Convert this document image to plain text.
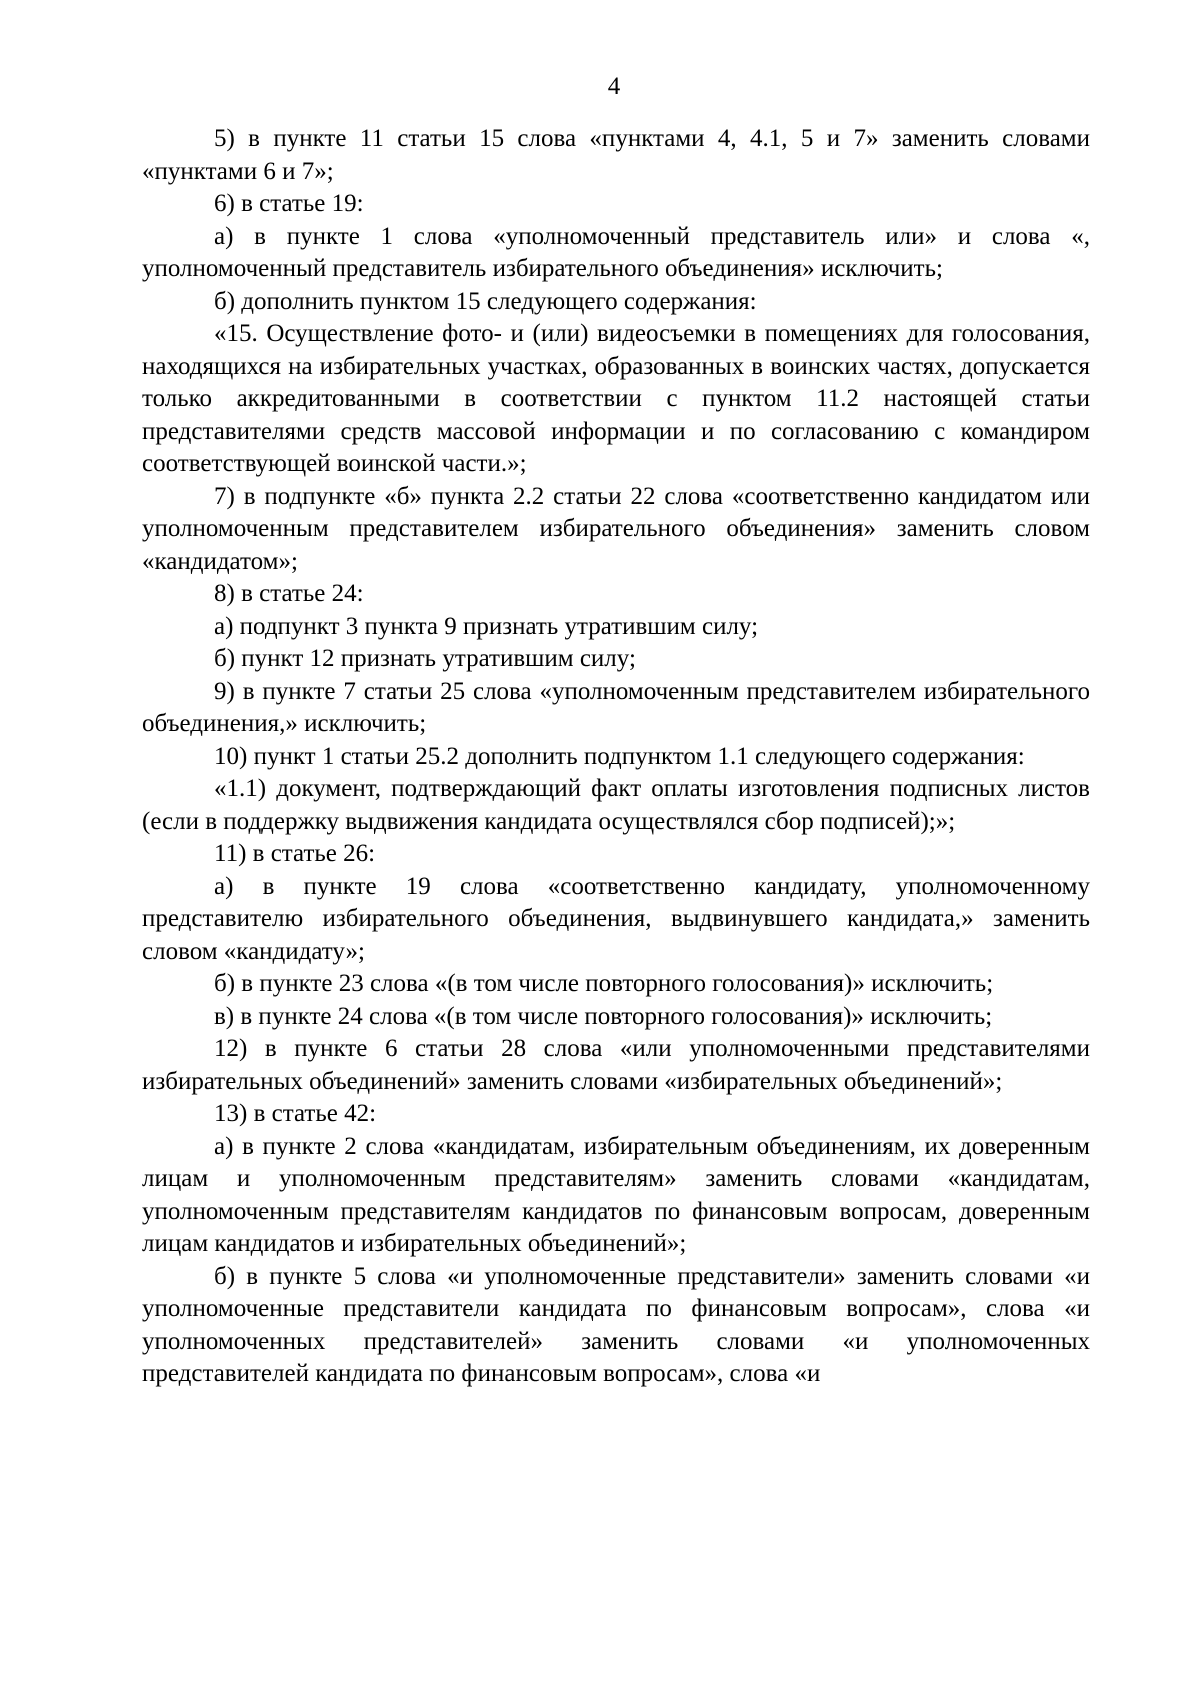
4

5) в пункте 11 статьи 15 слова «пунктами 4, 4.1, 5 и 7» заменить словами «пунктами 6 и 7»;

6) в статье 19:

а) в пункте 1 слова «уполномоченный представитель или» и слова «, уполномоченный представитель избирательного объединения» исключить;

б) дополнить пунктом 15 следующего содержания:

«15. Осуществление фото- и (или) видеосъемки в помещениях для голосования, находящихся на избирательных участках, образованных в воинских частях, допускается только аккредитованными в соответствии с пунктом 11.2 настоящей статьи представителями средств массовой информации и по согласованию с командиром соответствующей воинской части.»;

7) в подпункте «б» пункта 2.2 статьи 22 слова «соответственно кандидатом или уполномоченным представителем избирательного объединения» заменить словом «кандидатом»;

8) в статье 24:

а) подпункт 3 пункта 9 признать утратившим силу;

б) пункт 12 признать утратившим силу;

9) в пункте 7 статьи 25 слова «уполномоченным представителем избирательного объединения,» исключить;

10) пункт 1 статьи 25.2 дополнить подпунктом 1.1 следующего содержания:

«1.1) документ, подтверждающий факт оплаты изготовления подписных листов (если в поддержку выдвижения кандидата осуществлялся сбор подписей);»;

11) в статье 26:

а) в пункте 19 слова «соответственно кандидату, уполномоченному представителю избирательного объединения, выдвинувшего кандидата,» заменить словом «кандидату»;

б) в пункте 23 слова «(в том числе повторного голосования)» исключить;

в) в пункте 24 слова «(в том числе повторного голосования)» исключить;

12) в пункте 6 статьи 28 слова «или уполномоченными представителями избирательных объединений» заменить словами «избирательных объединений»;

13) в статье 42:

а) в пункте 2 слова «кандидатам, избирательным объединениям, их доверенным лицам и уполномоченным представителям» заменить словами «кандидатам, уполномоченным представителям кандидатов по финансовым вопросам, доверенным лицам кандидатов и избирательных объединений»;

б) в пункте 5 слова «и уполномоченные представители» заменить словами «и уполномоченные представители кандидата по финансовым вопросам», слова «и уполномоченных представителей» заменить словами «и уполномоченных представителей кандидата по финансовым вопросам», слова «и
